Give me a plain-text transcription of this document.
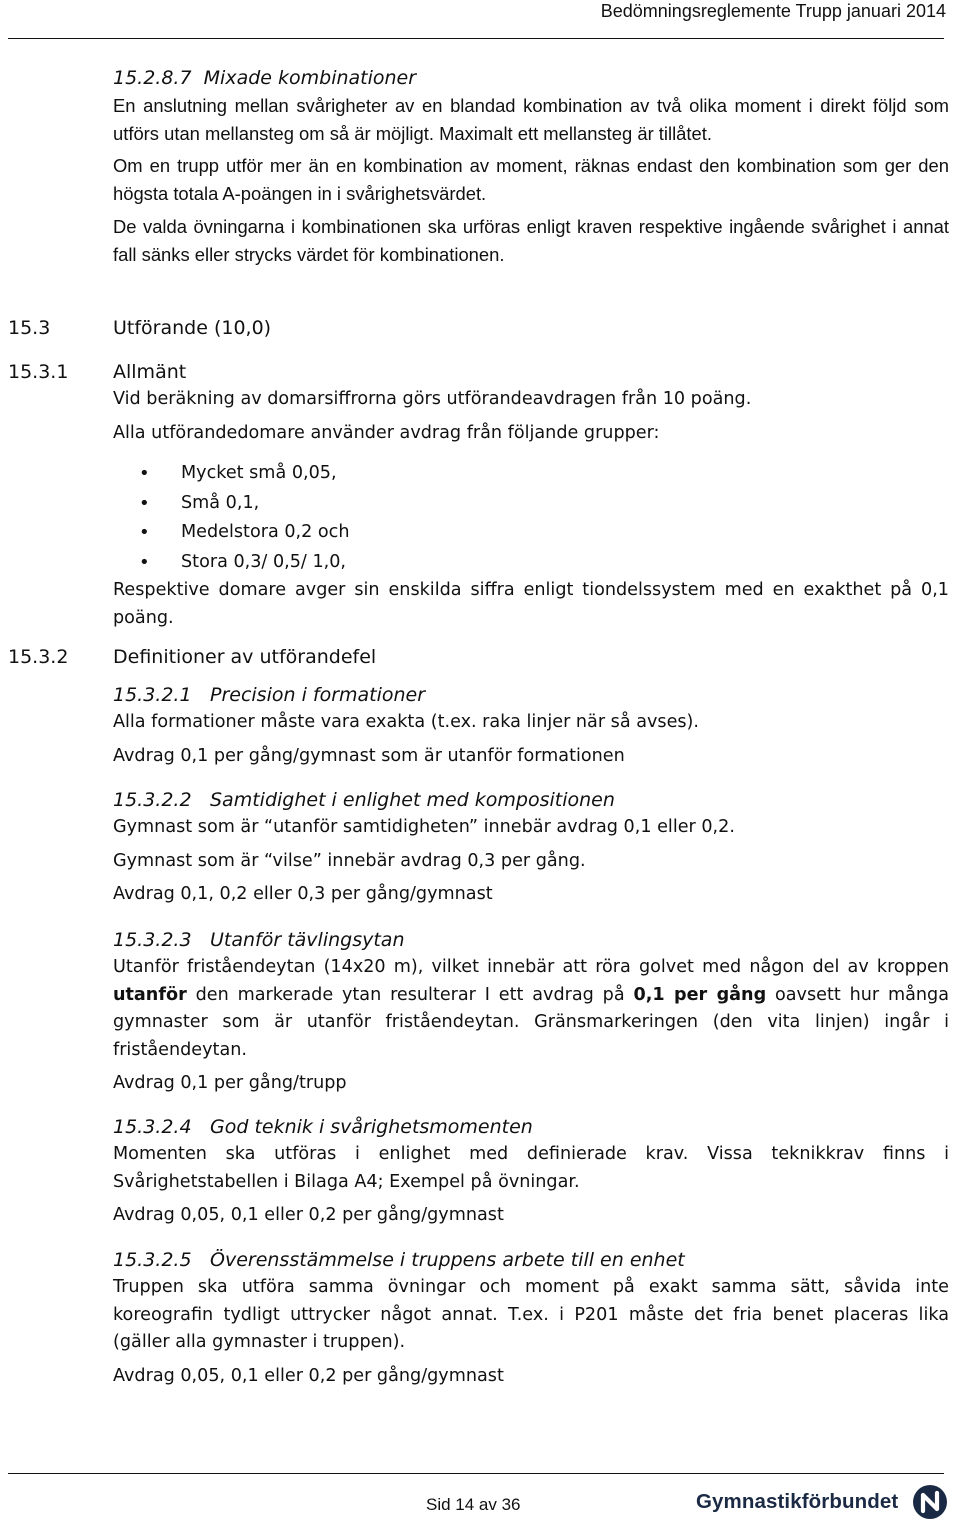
Bedömningsreglemente Trupp januari 2014
15.2.8.7 Mixade kombinationer

En anslutning mellan svårigheter av en blandad kombination av två olika moment i direkt följd som utförs utan mellansteg om så är möjligt. Maximalt ett mellansteg är tillåtet.

Om en trupp utför mer än en kombination av moment, räknas endast den kombination som ger den högsta totala A-poängen in i svårighetsvärdet.

De valda övningarna i kombinationen ska urföras enligt kraven respektive ingående svårighet i annat fall sänks eller strycks värdet för kombinationen.

15.3	Utförande (10,0)
15.3.1 Allmänt

Vid beräkning av domarsiffrorna görs utförandeavdragen från 10 poäng.

Alla utförandedomare använder avdrag från följande grupper:

• Mycket små 0,05,
• Små 0,1,
• Medelstora 0,2 och
• Stora 0,3/ 0,5/ 1,0,

Respektive domare avger sin enskilda siffra enligt tiondelssystem med en exakthet på 0,1 poäng.

15.3.2 Definitioner av utförandefel
15.3.2.1 Precision i formationer

Alla formationer måste vara exakta (t.ex. raka linjer när så avses).

Avdrag 0,1 per gång/gymnast som är utanför formationen

15.3.2.2 Samtidighet i enlighet med kompositionen

Gymnast som är “utanför samtidigheten” innebär avdrag 0,1 eller 0,2.

Gymnast som är “vilse” innebär avdrag 0,3 per gång.

Avdrag 0,1, 0,2 eller 0,3 per gång/gymnast

15.3.2.3 Utanför tävlingsytan

Utanför friståendeytan (14x20 m), vilket innebär att röra golvet med någon del av kroppen utanför den markerade ytan resulterar I ett avdrag på 0,1 per gång oavsett hur många gymnaster som är utanför friståendeytan. Gränsmarkeringen (den vita linjen) ingår i friståendeytan.

Avdrag 0,1 per gång/trupp

15.3.2.4 God teknik i svårighetsmomenten

Momenten ska utföras i enlighet med definierade krav. Vissa teknikkrav finns i Svårighetstabellen i Bilaga A4; Exempel på övningar.

Avdrag 0,05, 0,1 eller 0,2 per gång/gymnast

15.3.2.5 Överensstämmelse i truppens arbete till en enhet

Truppen ska utföra samma övningar och moment på exakt samma sätt, såvida inte koreografin tydligt uttrycker något annat. T.ex. i P201 måste det fria benet placeras lika (gäller alla gymnaster i truppen).

Avdrag 0,05, 0,1 eller 0,2 per gång/gymnast

Sid 14 av 36	Gymnastikförbundet
